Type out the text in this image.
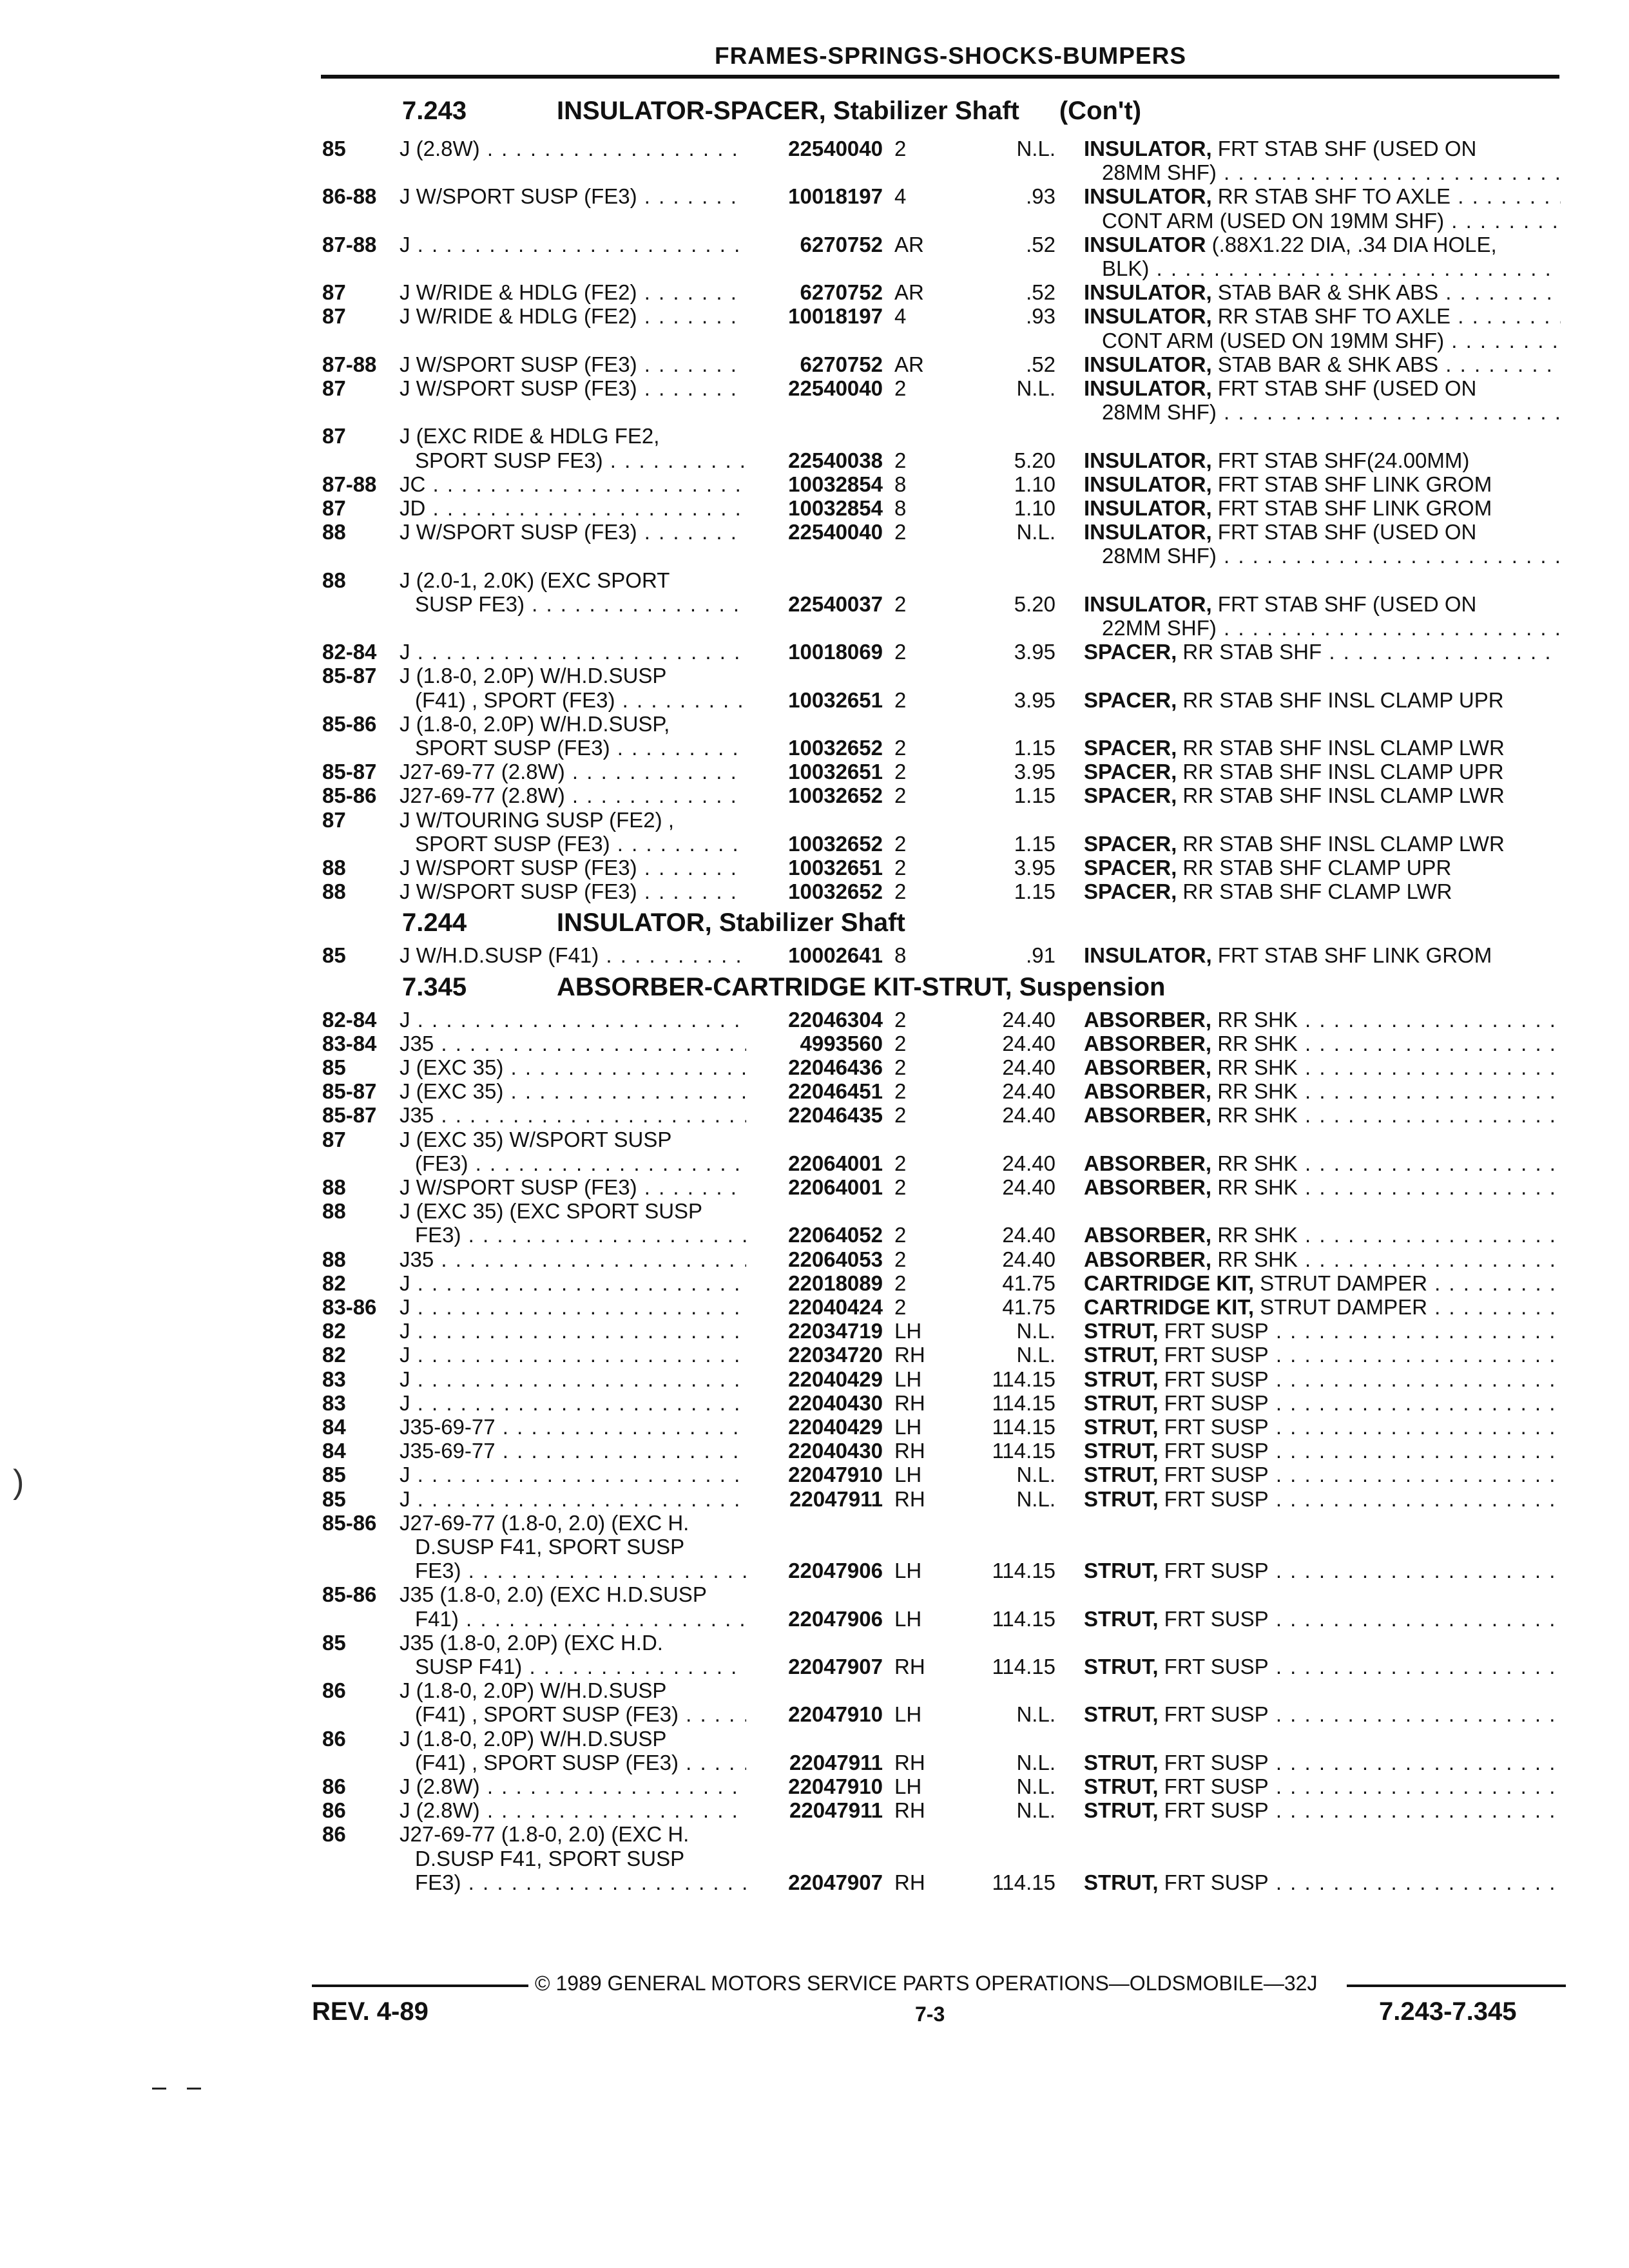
FRAMES-SPRINGS-SHOCKS-BUMPERS
7.243	INSULATOR-SPACER, Stabilizer Shaft (Con't)
85	J (2.8W) . . .	22540040 2	N.L. INSULATOR, FRT STAB SHF (USED ON
28MM SHF) . . .
86-88 J W/SPORT SUSP (FE3) . . .	10018197 4	.93 INSULATOR, RR STAB SHF TO AXLE . . .
CONT ARM (USED ON 19MM SHF) . . .
87-88 J . . .	6270752 AR	.52 INSULATOR (.88X1.22 DIA, .34 DIA HOLE,
BLK) . . .
87	J W/RIDE & HDLG (FE2) . . .	6270752 AR	.52 INSULATOR, STAB BAR & SHK ABS . . .
87	J W/RIDE & HDLG (FE2) . . .	10018197 4	.93 INSULATOR, RR STAB SHF TO AXLE . . .
CONT ARM (USED ON 19MM SHF) . . .
87-88 J W/SPORT SUSP (FE3) . . .	6270752 AR	.52 INSULATOR, STAB BAR & SHK ABS . . .
87	J W/SPORT SUSP (FE3) . . .	22540040 2	N.L. INSULATOR, FRT STAB SHF (USED ON
28MM SHF) . . .
87	J (EXC RIDE & HDLG FE2,
SPORT SUSP FE3) . . .	22540038 2	5.20 INSULATOR, FRT STAB SHF(24.00MM)
87-88 JC . . .	10032854 8	1.10 INSULATOR, FRT STAB SHF LINK GROM
87	JD . . .	10032854 8	1.10 INSULATOR, FRT STAB SHF LINK GROM
88	J W/SPORT SUSP (FE3) . . .	22540040 2	N.L. INSULATOR, FRT STAB SHF (USED ON
28MM SHF) . . .
88	J (2.0-1, 2.0K) (EXC SPORT
SUSP FE3) . . .	22540037 2	5.20 INSULATOR, FRT STAB SHF (USED ON
22MM SHF) . . .
82-84 J . . .	10018069 2	3.95 SPACER, RR STAB SHF . . .
85-87 J (1.8-0, 2.0P) W/H.D.SUSP
(F41) , SPORT (FE3) . . .	10032651 2	3.95 SPACER, RR STAB SHF INSL CLAMP UPR
85-86 J (1.8-0, 2.0P) W/H.D.SUSP,
SPORT SUSP (FE3) . . .	10032652 2	1.15 SPACER, RR STAB SHF INSL CLAMP LWR
85-87 J27-69-77 (2.8W) . . .	10032651 2	3.95 SPACER, RR STAB SHF INSL CLAMP UPR
85-86 J27-69-77 (2.8W) . . .	10032652 2	1.15 SPACER, RR STAB SHF INSL CLAMP LWR
87	J W/TOURING SUSP (FE2) ,
SPORT SUSP (FE3) . . .	10032652 2	1.15 SPACER, RR STAB SHF INSL CLAMP LWR
88	J W/SPORT SUSP (FE3) . . .	10032651 2	3.95 SPACER, RR STAB SHF CLAMP UPR
88	J W/SPORT SUSP (FE3) . . .	10032652 2	1.15 SPACER, RR STAB SHF CLAMP LWR
7.244	INSULATOR, Stabilizer Shaft
85	J W/H.D.SUSP (F41) . . .	10002641 8	.91 INSULATOR, FRT STAB SHF LINK GROM
7.345	ABSORBER-CARTRIDGE KIT-STRUT, Suspension
82-84 J . . .	22046304 2	24.40 ABSORBER, RR SHK . . .
83-84 J35 . . .	4993560 2	24.40 ABSORBER, RR SHK . . .
85	J (EXC 35) . . .	22046436 2	24.40 ABSORBER, RR SHK . . .
85-87 J (EXC 35) . . .	22046451 2	24.40 ABSORBER, RR SHK . . .
85-87 J35 . . .	22046435 2	24.40 ABSORBER, RR SHK . . .
87	J (EXC 35) W/SPORT SUSP
(FE3) . . .	22064001 2	24.40 ABSORBER, RR SHK . . .
88	J W/SPORT SUSP (FE3) . . .	22064001 2	24.40 ABSORBER, RR SHK . . .
88	J (EXC 35) (EXC SPORT SUSP
FE3) . . .	22064052 2	24.40 ABSORBER, RR SHK . . .
88	J35 . . .	22064053 2	24.40 ABSORBER, RR SHK . . .
82	J . . .	22018089 2	41.75 CARTRIDGE KIT, STRUT DAMPER . . .
83-86 J . . .	22040424 2	41.75 CARTRIDGE KIT, STRUT DAMPER . . .
82	J . . .	22034719 LH	N.L. STRUT, FRT SUSP . . .
82	J . . .	22034720 RH	N.L. STRUT, FRT SUSP . . .
83	J . . .	22040429 LH	114.15 STRUT, FRT SUSP . . .
83	J . . .	22040430 RH	114.15 STRUT, FRT SUSP . . .
84	J35-69-77 . . .	22040429 LH	114.15 STRUT, FRT SUSP . . .
84	J35-69-77 . . .	22040430 RH	114.15 STRUT, FRT SUSP . . .
85	J . . .	22047910 LH	N.L. STRUT, FRT SUSP . . .
85	J . . .	22047911 RH	N.L. STRUT, FRT SUSP . . .
85-86 J27-69-77 (1.8-0, 2.0) (EXC H.
D.SUSP F41, SPORT SUSP
FE3) . . .	22047906 LH	114.15 STRUT, FRT SUSP . . .
85-86 J35 (1.8-0, 2.0) (EXC H.D.SUSP
F41) . . .	22047906 LH	114.15 STRUT, FRT SUSP . . .
85	J35 (1.8-0, 2.0P) (EXC H.D.
SUSP F41) . . .	22047907 RH	114.15 STRUT, FRT SUSP . . .
86	J (1.8-0, 2.0P) W/H.D.SUSP
(F41) , SPORT SUSP (FE3) . . .	22047910 LH	N.L. STRUT, FRT SUSP . . .
86	J (1.8-0, 2.0P) W/H.D.SUSP
(F41) , SPORT SUSP (FE3) . . .	22047911 RH	N.L. STRUT, FRT SUSP . . .
86	J (2.8W) . . .	22047910 LH	N.L. STRUT, FRT SUSP . . .
86	J (2.8W) . . .	22047911 RH	N.L. STRUT, FRT SUSP . . .
86	J27-69-77 (1.8-0, 2.0) (EXC H.
D.SUSP F41, SPORT SUSP
FE3) . . .	22047907 RH	114.15 STRUT, FRT SUSP . . .
© 1989 GENERAL MOTORS SERVICE PARTS OPERATIONS—OLDSMOBILE—32J
REV. 4-89	7-3	7.243-7.345
)
